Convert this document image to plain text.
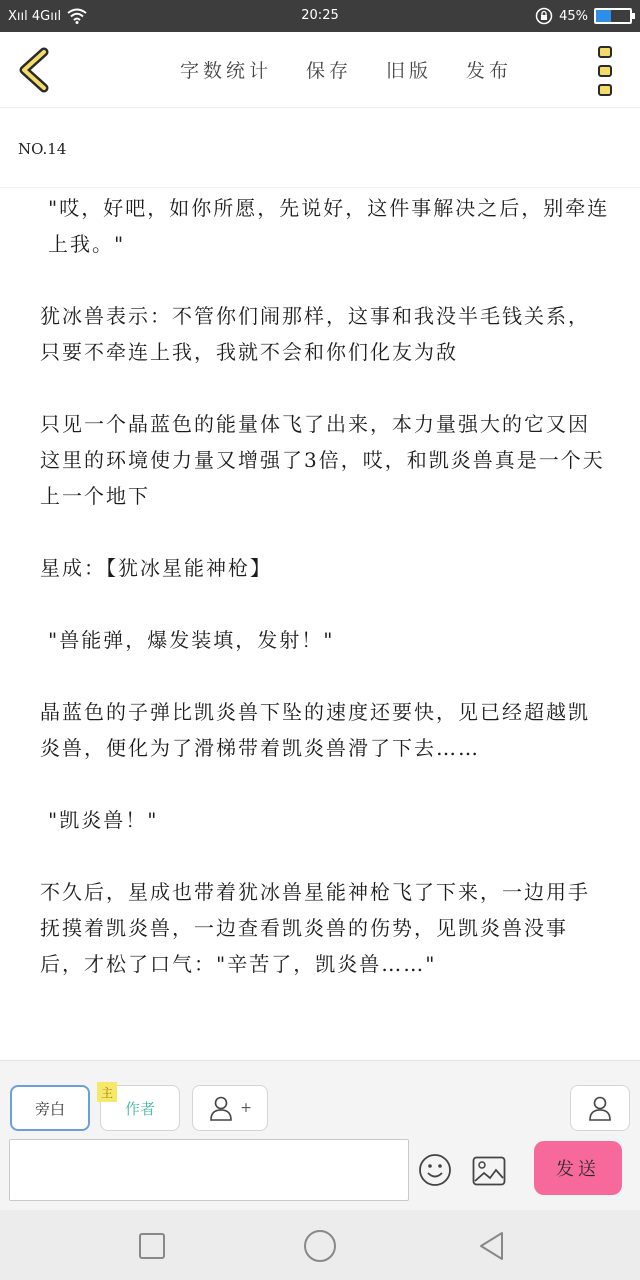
Xııl 4Gııl	20:25	45%
字数统计 保存 旧版 发布
NO.14

"哎，好吧，如你所愿，先说好，这件事解决之后，别牵连上我。"

犹冰兽表示：不管你们闹那样，这事和我没半毛钱关系，只要不牵连上我，我就不会和你们化友为敌

只见一个晶蓝色的能量体飞了出来，本力量强大的它又因这里的环境使力量又增强了3倍，哎，和凯炎兽真是一个天上一个地下

星成：【犹冰星能神枪】

"兽能弹，爆发装填，发射！"

晶蓝色的子弹比凯炎兽下坠的速度还要快，见已经超越凯炎兽，便化为了滑梯带着凯炎兽滑了下去……

"凯炎兽！"

不久后，星成也带着犹冰兽星能神枪飞了下来，一边用手抚摸着凯炎兽，一边查看凯炎兽的伤势，见凯炎兽没事后，才松了口气："辛苦了，凯炎兽……"

旁白
主
作者	+
发送
